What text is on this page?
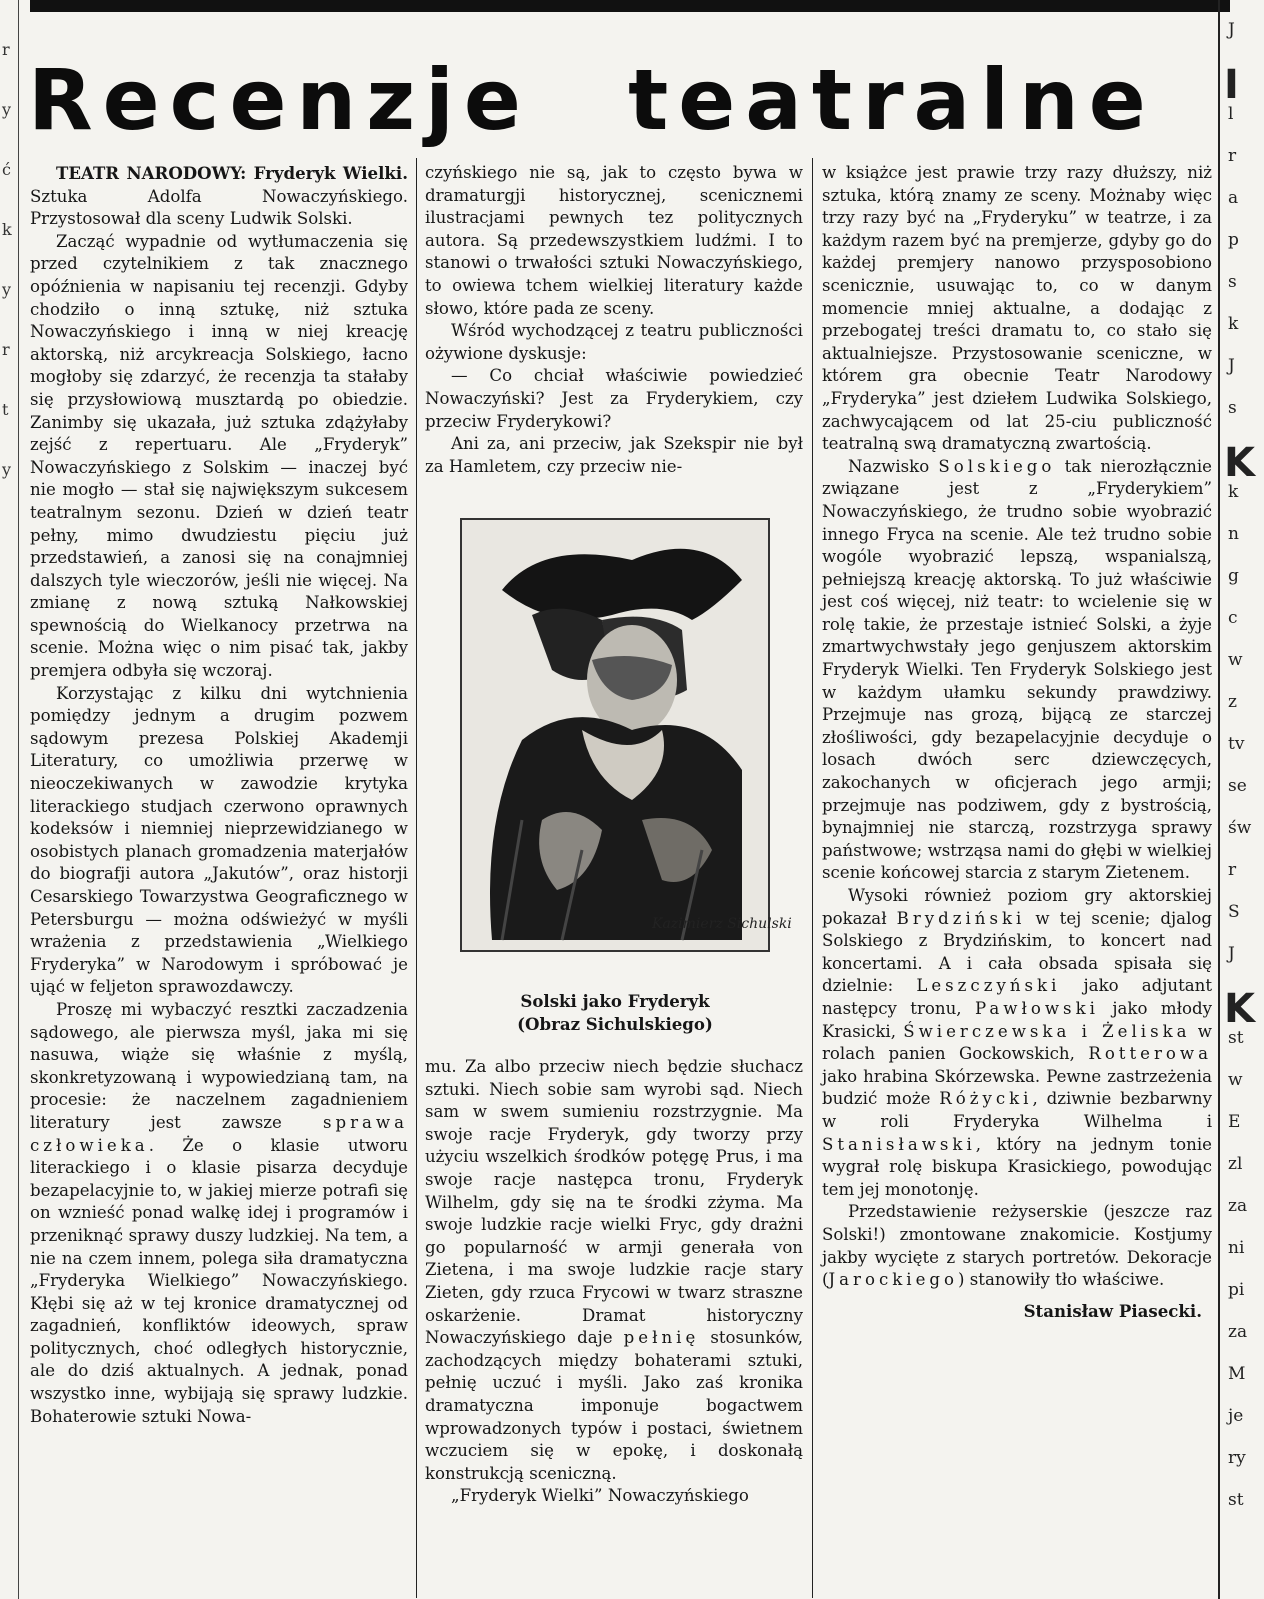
r
y
ć
k
y
r
t
y
Recenzje teatralne

TEATR NARODOWY: Fryderyk Wielki. Sztuka Adolfa Nowaczyńskiego. Przystosował dla sceny Ludwik Solski.

Zacząć wypadnie od wytłumaczenia się przed czytelnikiem z tak znacznego opóźnienia w napisaniu tej recenzji. Gdyby chodziło o inną sztukę, niż sztuka Nowaczyńskiego i inną w niej kreację aktorską, niż arcykreacja Solskiego, łacno mogłoby się zdarzyć, że recenzja ta stałaby się przysłowiową musztardą po obiedzie. Zanimby się ukazała, już sztuka zdążyłaby zejść z repertuaru. Ale „Fryderyk” Nowaczyńskiego z Solskim — inaczej być nie mogło — stał się największym sukcesem teatralnym sezonu. Dzień w dzień teatr pełny, mimo dwudziestu pięciu już przedstawień, a zanosi się na conajmniej dalszych tyle wieczorów, jeśli nie więcej. Na zmianę z nową sztuką Nałkowskiej spewnością do Wielkanocy przetrwa na scenie. Można więc o nim pisać tak, jakby premjera odbyła się wczoraj.

Korzystając z kilku dni wytchnienia pomiędzy jednym a drugim pozwem sądowym prezesa Polskiej Akademji Literatury, co umożliwia przerwę w nieoczekiwanych w zawodzie krytyka literackiego studjach czerwono oprawnych kodeksów i niemniej nieprzewidzianego w osobistych planach gromadzenia materjałów do biografji autora „Jakutów”, oraz historji Cesarskiego Towarzystwa Geograficznego w Petersburgu — można odświeżyć w myśli wrażenia z przedstawienia „Wielkiego Fryderyka” w Narodowym i spróbować je ująć w feljeton sprawozdawczy.

Proszę mi wybaczyć resztki zaczadzenia sądowego, ale pierwsza myśl, jaka mi się nasuwa, wiąże się właśnie z myślą, skonkretyzowaną i wypowiedzianą tam, na procesie: że naczelnem zagadnieniem literatury jest zawsze sprawa człowieka. Że o klasie utworu literackiego i o klasie pisarza decyduje bezapelacyjnie to, w jakiej mierze potrafi się on wznieść ponad walkę idej i programów i przeniknąć sprawy duszy ludzkiej. Na tem, a nie na czem innem, polega siła dramatyczna „Fryderyka Wielkiego” Nowaczyńskiego. Kłębi się aż w tej kronice dramatycznej od zagadnień, konfliktów ideowych, spraw politycznych, choć odległych historycznie, ale do dziś aktualnych. A jednak, ponad wszystko inne, wybijają się sprawy ludzkie. Bohaterowie sztuki Nowa-

czyńskiego nie są, jak to często bywa w dramaturgji historycznej, scenicznemi ilustracjami pewnych tez politycznych autora. Są przedewszystkiem ludźmi. I to stanowi o trwałości sztuki Nowaczyńskiego, to owiewa tchem wielkiej literatury każde słowo, które pada ze sceny.

Wśród wychodzącej z teatru publiczności ożywione dyskusje:

— Co chciał właściwie powiedzieć Nowaczyński? Jest za Fryderykiem, czy przeciw Fryderykowi?

Ani za, ani przeciw, jak Szekspir nie był za Hamletem, czy przeciw nie-

Kazimierz Sichulski
Solski jako Fryderyk
(Obraz Sichulskiego)

mu. Za albo przeciw niech będzie słuchacz sztuki. Niech sobie sam wyrobi sąd. Niech sam w swem sumieniu rozstrzygnie. Ma swoje racje Fryderyk, gdy tworzy przy użyciu wszelkich środków potęgę Prus, i ma swoje racje następca tronu, Fryderyk Wilhelm, gdy się na te środki zżyma. Ma swoje ludzkie racje wielki Fryc, gdy drażni go popularność w armji generała von Zietena, i ma swoje ludzkie racje stary Zieten, gdy rzuca Frycowi w twarz straszne oskarżenie. Dramat historyczny Nowaczyńskiego daje pełnię stosunków, zachodzących między bohaterami sztuki, pełnię uczuć i myśli. Jako zaś kronika dramatyczna imponuje bogactwem wprowadzonych typów i postaci, świetnem wczuciem się w epokę, i doskonałą konstrukcją sceniczną.

„Fryderyk Wielki” Nowaczyńskiego

w książce jest prawie trzy razy dłuższy, niż sztuka, którą znamy ze sceny. Możnaby więc trzy razy być na „Fryderyku” w teatrze, i za każdym razem być na premjerze, gdyby go do każdej premjery nanowo przysposobiono scenicznie, usuwając to, co w danym momencie mniej aktualne, a dodając z przebogatej treści dramatu to, co stało się aktualniejsze. Przystosowanie sceniczne, w którem gra obecnie Teatr Narodowy „Fryderyka” jest dziełem Ludwika Solskiego, zachwycającem od lat 25-ciu publiczność teatralną swą dramatyczną zwartością.

Nazwisko Solskiego tak nierozłącznie związane jest z „Fryderykiem” Nowaczyńskiego, że trudno sobie wyobrazić innego Fryca na scenie. Ale też trudno sobie wogóle wyobrazić lepszą, wspanialszą, pełniejszą kreację aktorską. To już właściwie jest coś więcej, niż teatr: to wcielenie się w rolę takie, że przestaje istnieć Solski, a żyje zmartwychwstały jego genjuszem aktorskim Fryderyk Wielki. Ten Fryderyk Solskiego jest w każdym ułamku sekundy prawdziwy. Przejmuje nas grozą, bijącą ze starczej złośliwości, gdy bezapelacyjnie decyduje o losach dwóch serc dziewczęcych, zakochanych w oficjerach jego armji; przejmuje nas podziwem, gdy z bystrością, bynajmniej nie starczą, rozstrzyga sprawy państwowe; wstrząsa nami do głębi w wielkiej scenie końcowej starcia z starym Zietenem.

Wysoki również poziom gry aktorskiej pokazał Brydziński w tej scenie; djalog Solskiego z Brydzińskim, to koncert nad koncertami. A i cała obsada spisała się dzielnie: Leszczyński jako adjutant następcy tronu, Pawłowski jako młody Krasicki, Świerczewska i Żeliska w rolach panien Gockowskich, Rotterowa jako hrabina Skórzewska. Pewne zastrzeżenia budzić może Różycki, dziwnie bezbarwny w roli Fryderyka Wilhelma i Stanisławski, który na jednym tonie wygrał rolę biskupa Krasickiego, powodując tem jej monotonję.

Przedstawienie reżyserskie (jeszcze raz Solski!) zmontowane znakomicie. Kostjumy jakby wycięte z starych portretów. Dekoracje (Jarockiego) stanowiły tło właściwe.

Stanisław Piasecki.
J
I
l
r
a
p
s
k
J
s
K
k
n
g
c
w
z
tv
se
św
r
S
J
K
st
w
E
zl
za
ni
pi
za
M
je
ry
st
